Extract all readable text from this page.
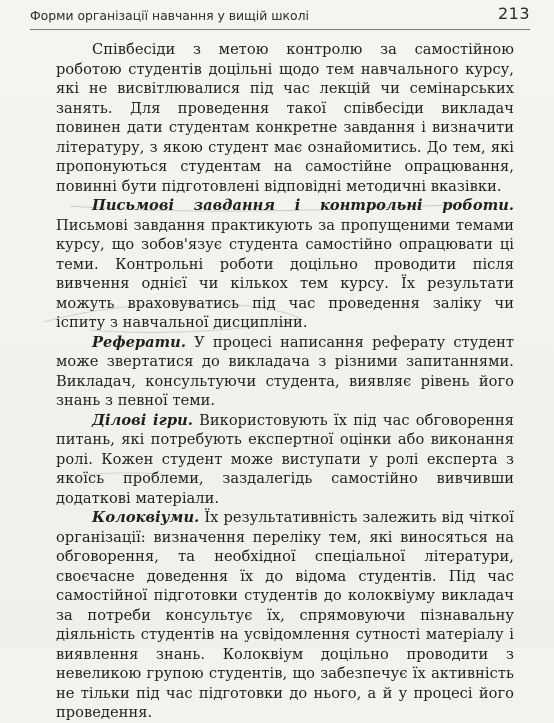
Форми організації навчання у вищій школі	213

Співбесіди з метою контролю за самостійною роботою студентів доцільні щодо тем навчального курсу, які не висвітлювалися під час лекцій чи семінарських занять. Для проведення такої співбесіди викладач повинен дати студентам конкретне завдання і визначити літературу, з якою студент має ознайомитись. До тем, які пропонуються студентам на самостійне опрацювання, повинні бути підготовлені відповідні методичні вказівки.

Письмові завдання і контрольні роботи. Письмові завдання практикують за пропущеними темами курсу, що зобов'язує студента самостійно опрацювати ці теми. Контрольні роботи доцільно проводити після вивчення однієї чи кількох тем курсу. Їх результати можуть враховуватись під час проведення заліку чи іспиту з навчальної дисципліни.

Реферати. У процесі написання реферату студент може звертатися до викладача з різними запитаннями. Викладач, консультуючи студента, виявляє рівень його знань з певної теми.

Ділові ігри. Використовують їх під час обговорення питань, які потребують експертної оцінки або виконання ролі. Кожен студент може виступати у ролі експерта з якоїсь проблеми, заздалегідь самостійно вивчивши додаткові матеріали.

Колоквіуми. Їх результативність залежить від чіткої організації: визначення переліку тем, які виносяться на обговорення, та необхідної спеціальної літератури, своєчасне доведення їх до відома студентів. Під час самостійної підготовки студентів до колоквіуму викладач за потреби консультує їх, спрямовуючи пізнавальну діяльність студентів на усвідомлення сутності матеріалу і виявлення знань. Колоквіум доцільно проводити з невеликою групою студентів, що забезпечує їх активність не тільки під час підготовки до нього, а й у процесі його проведення.
